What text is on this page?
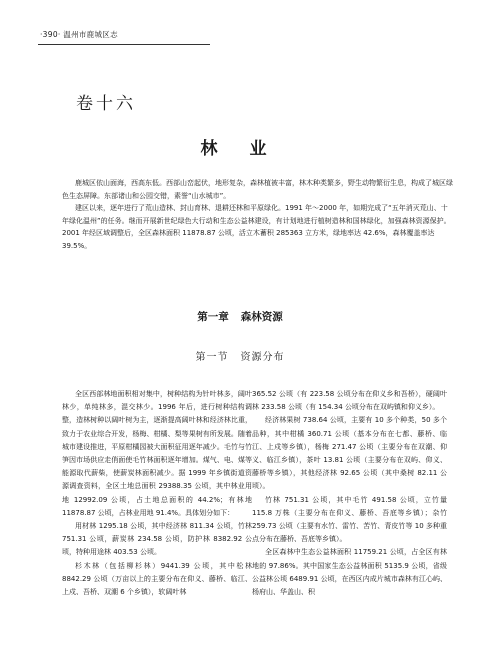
·390· 温州市鹿城区志
卷十六
林 业

鹿城区依山面海，西高东低。西部山峦起伏，地形复杂，森林植被丰富，林木种类繁多，野生动物繁衍生息，构成了城区绿色生态屏障。东部诸山和公园交错，素誉“山水城市”。

建区以来，逐年进行了荒山造林、封山育林、退耕还林和平原绿化。1991 年～2000 年，如期完成了“五年消灭荒山、十年绿化温州”的任务。继而开展新世纪绿色大行动和生态公益林建设，有计划地进行植树造林和国林绿化，加强森林资源保护。2001 年经区域调整后，全区森林面积 11878.87 公顷，活立木蓄积 285363 立方米，绿地率达 42.6%，森林覆盖率达 39.5%。

第一章 森林资源
第一节 资源分布

全区西部林地面积相对集中，树种结构为针叶林多，阔叶林少，单纯林多，混交林少。1996 年后，进行树种结构调整，造林树种以阔叶树为主，逐渐提高阔叶林和经济林比重，致力于农业综合开发，杨梅、柑橘、梨等果树有所发展。随着城市建设推进，平原柑橘园被大面积征用逐年减少。毛竹与竹笋因市场供应走俏面使毛竹林面积逐年增加。煤气、电、煤等能源取代薪柴，使薪炭林面积减少。据 1999 年乡镇街道资源调查资料，全区土地总面积 29388.35 公顷，其中林业用地 12992.09 公顷，占土地总面积的 44.2%；有林地 11878.87 公顷，占林业用地 91.4%。具体划分如下：

用材林 1295.18 公顷，其中经济林 811.34 公顷，竹林 751.31 公顷，薪炭林 234.58 公顷，防护林 8382.92 公顷，特种用途林 403.53 公顷。

杉木林（包括柳杉林）9441.39 公顷，其中松林 8842.29 公顷（万亩以上的主要分布在仰义、藤桥、临江、上戍、吾桥、双潮 6 个乡镇），软阔叶林

365.52 公顷（有 223.58 公顷分布在仰义乡和吾桥），硬阔叶林 233.58 公顷（有 154.34 公顷分布在双屿镇和仰义乡）。

经济林果树 738.64 公顷，主要有 10 多个种类，50 多个品种，其中柑橘 360.71 公顷（基本分布在七都、藤桥、临江、上戍等乡镇），杨梅 271.47 公顷（主要分布在双潮、仰义、临江乡镇），茶叶 13.81 公顷（主要分布在双屿、仰义、藤桥等乡镇），其他经济林 92.65 公顷（其中桑树 82.11 公顷）。

竹林 751.31 公顷，其中毛竹 491.58 公顷，立竹量 115.8 万株（主要分布在仰义、藤桥、吾底等乡镇）；杂竹 259.73 公顷（主要有水竹、雷竹、苦竹、青皮竹等 10 多种重点分布在藤桥、吾底等乡镇）。

全区森林中生态公益林面积 11759.21 公顷，占全区有林地的 97.86%。其中国家生态公益林面积 5135.9 公顷，省级公益林公顷 6489.91 公顷，在西区内成片城市森林有江心屿、杨府山、华盖山、积
